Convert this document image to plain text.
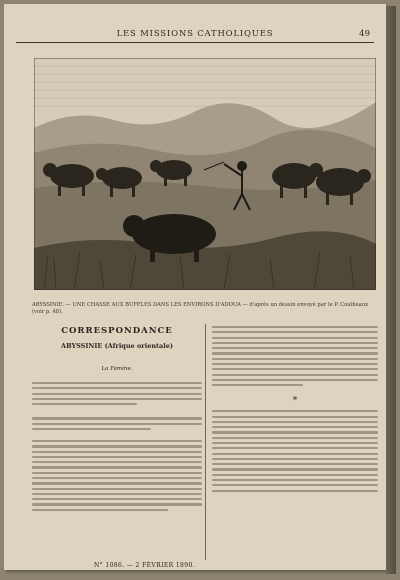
LES MISSIONS CATHOLIQUES	49
ABYSSINIE. — UNE CHASSE AUX BUFFLES DANS LES ENVIRONS D'ADOUA — d'après un dessin envoyé par le P. Coulbeaux (voir p. 48).
CORRESPONDANCE
ABYSSINIE (Afrique orientale)
La Famine.
*
N° 1086. — 2 FÉVRIER 1890.
